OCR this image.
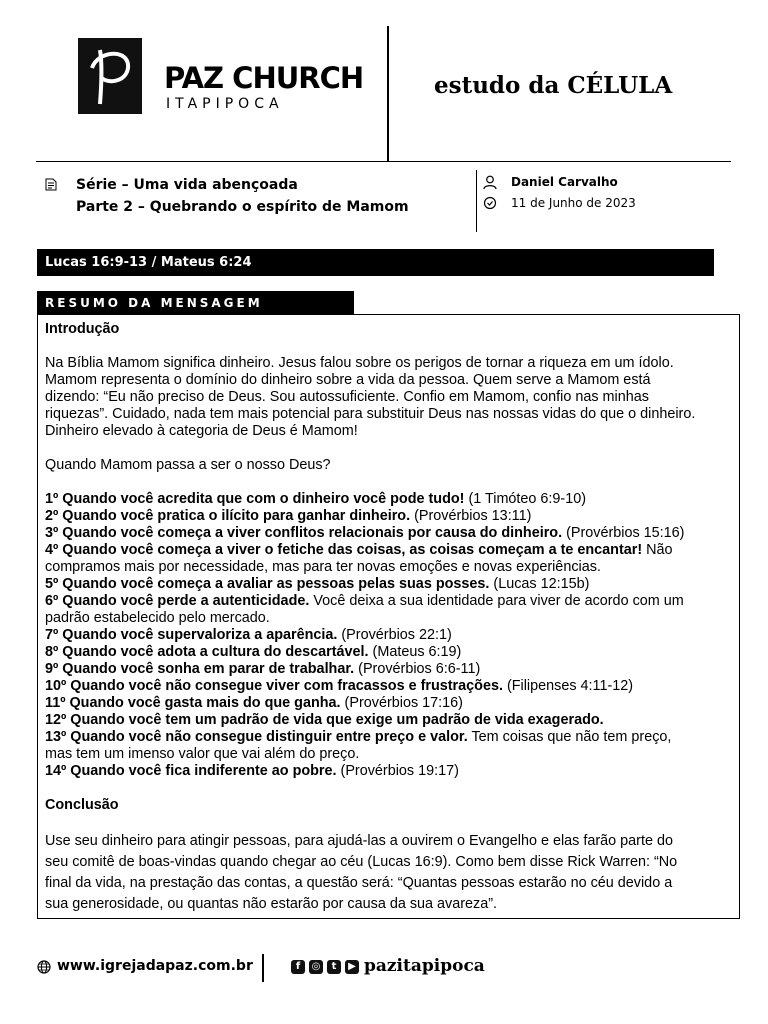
PAZ CHURCH
ITAPIPOCA
estudo da CÉLULA
Série – Uma vida abençoada
Parte 2 – Quebrando o espírito de Mamom
Daniel Carvalho
11 de Junho de 2023
Lucas 16:9-13 / Mateus 6:24
RESUMO DA MENSAGEM

Introdução

Na Bíblia Mamom significa dinheiro. Jesus falou sobre os perigos de tornar a riqueza em um ídolo.

Mamom representa o domínio do dinheiro sobre a vida da pessoa. Quem serve a Mamom está

dizendo: “Eu não preciso de Deus. Sou autossuficiente. Confio em Mamom, confio nas minhas

riquezas”. Cuidado, nada tem mais potencial para substituir Deus nas nossas vidas do que o dinheiro.

Dinheiro elevado à categoria de Deus é Mamom!

Quando Mamom passa a ser o nosso Deus?

1º Quando você acredita que com o dinheiro você pode tudo! (1 Timóteo 6:9-10)

2º Quando você pratica o ilícito para ganhar dinheiro. (Provérbios 13:11)

3º Quando você começa a viver conflitos relacionais por causa do dinheiro. (Provérbios 15:16)

4º Quando você começa a viver o fetiche das coisas, as coisas começam a te encantar! Não

compramos mais por necessidade, mas para ter novas emoções e novas experiências.

5º Quando você começa a avaliar as pessoas pelas suas posses. (Lucas 12:15b)

6º Quando você perde a autenticidade. Você deixa a sua identidade para viver de acordo com um

padrão estabelecido pelo mercado.

7º Quando você supervaloriza a aparência. (Provérbios 22:1)

8º Quando você adota a cultura do descartável. (Mateus 6:19)

9º Quando você sonha em parar de trabalhar. (Provérbios 6:6-11)

10º Quando você não consegue viver com fracassos e frustrações. (Filipenses 4:11-12)

11º Quando você gasta mais do que ganha. (Provérbios 17:16)

12º Quando você tem um padrão de vida que exige um padrão de vida exagerado.

13º Quando você não consegue distinguir entre preço e valor. Tem coisas que não tem preço,

mas tem um imenso valor que vai além do preço.

14º Quando você fica indiferente ao pobre. (Provérbios 19:17)

Conclusão

Use seu dinheiro para atingir pessoas, para ajudá-las a ouvirem o Evangelho e elas farão parte do

seu comitê de boas-vindas quando chegar ao céu (Lucas 16:9). Como bem disse Rick Warren: “No

final da vida, na prestação das contas, a questão será: “Quantas pessoas estarão no céu devido a

sua generosidade, ou quantas não estarão por causa da sua avareza”.

www.igrejadapaz.com.br	f	◎	t	▶ pazitapipoca
